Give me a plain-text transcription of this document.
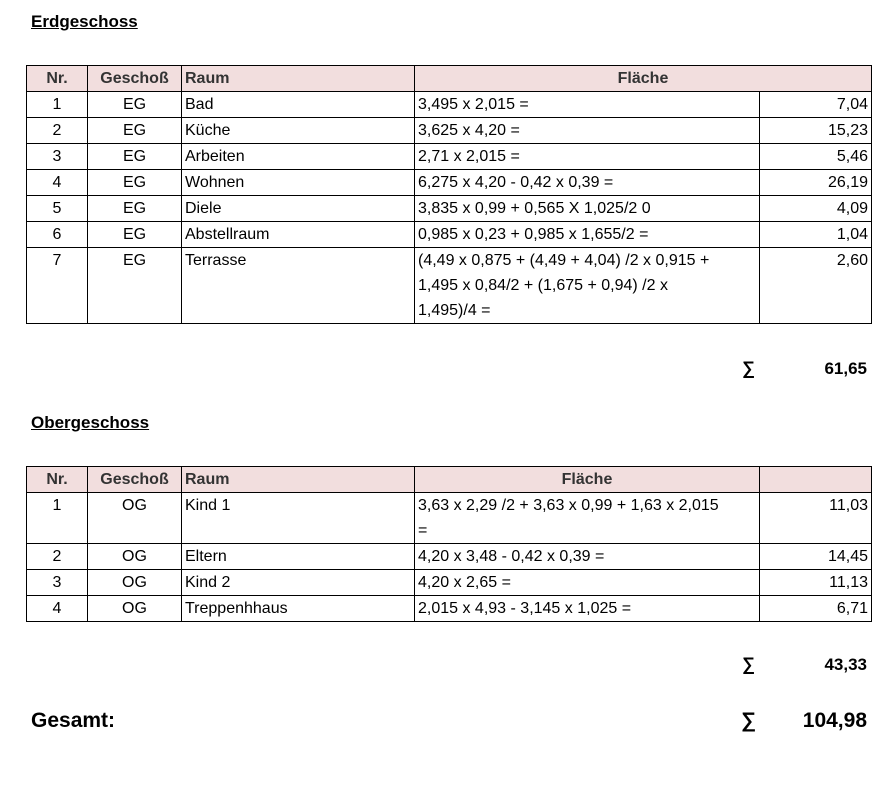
Erdgeschoss
Nr.	Geschoß	Raum	Fläche	
1	EG	Bad	3,495 x 2,015 =	7,04
2	EG	Küche	3,625 x 4,20 =	15,23
3	EG	Arbeiten	2,71 x 2,015 =	5,46
4	EG	Wohnen	6,275 x 4,20 - 0,42 x 0,39 =	26,19
5	EG	Diele	3,835 x 0,99 + 0,565 X 1,025/2 0	4,09
6	EG	Abstellraum	0,985 x 0,23 + 0,985 x 1,655/2 =	1,04
7	EG	Terrasse	(4,49 x 0,875 + (4,49 + 4,04) /2 x 0,915 +
1,495 x 0,84/2 + (1,675 + 0,94) /2 x
1,495)/4 =	2,60
∑	61,65
Obergeschoss
Nr.	Geschoß	Raum	Fläche	
1	OG	Kind 1	3,63 x 2,29 /2 + 3,63 x 0,99 + 1,63 x 2,015
=	11,03
2	OG	Eltern	4,20 x 3,48 - 0,42 x 0,39 =	14,45
3	OG	Kind 2	4,20 x 2,65 =	11,13
4	OG	Treppenhhaus	2,015 x 4,93 - 3,145 x 1,025 =	6,71
∑	43,33
Gesamt:	∑ 104,98
